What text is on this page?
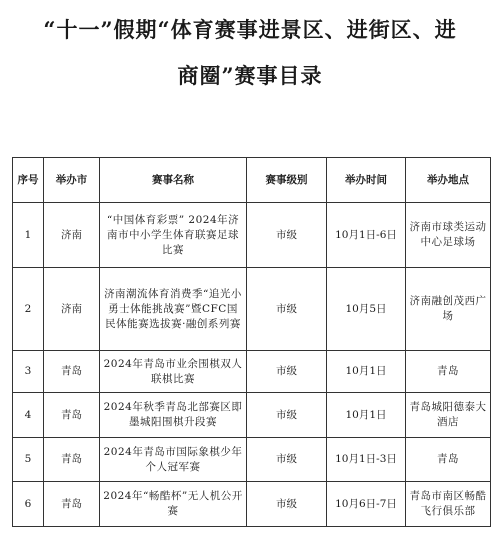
“十一”假期“体育赛事进景区、进街区、进
商圈”赛事目录
序号	举办市	赛事名称	赛事级别	举办时间	举办地点
1	济南	“中国体育彩票” 2024年济南市中小学生体育联赛足球比赛	市级	10月1日-6日	济南市球类运动中心足球场
2	济南	济南潮流体育消费季“追光小勇士体能挑战赛”暨CFC国民体能赛选拔赛·融创系列赛	市级	10月5日	济南融创茂西广场
3	青岛	2024年青岛市业余围棋双人联棋比赛	市级	10月1日	青岛
4	青岛	2024年秋季青岛北部赛区即墨城阳围棋升段赛	市级	10月1日	青岛城阳德泰大酒店
5	青岛	2024年青岛市国际象棋少年个人冠军赛	市级	10月1日-3日	青岛
6	青岛	2024年“畅酷杯”无人机公开赛	市级	10月6日-7日	青岛市南区畅酷飞行俱乐部
